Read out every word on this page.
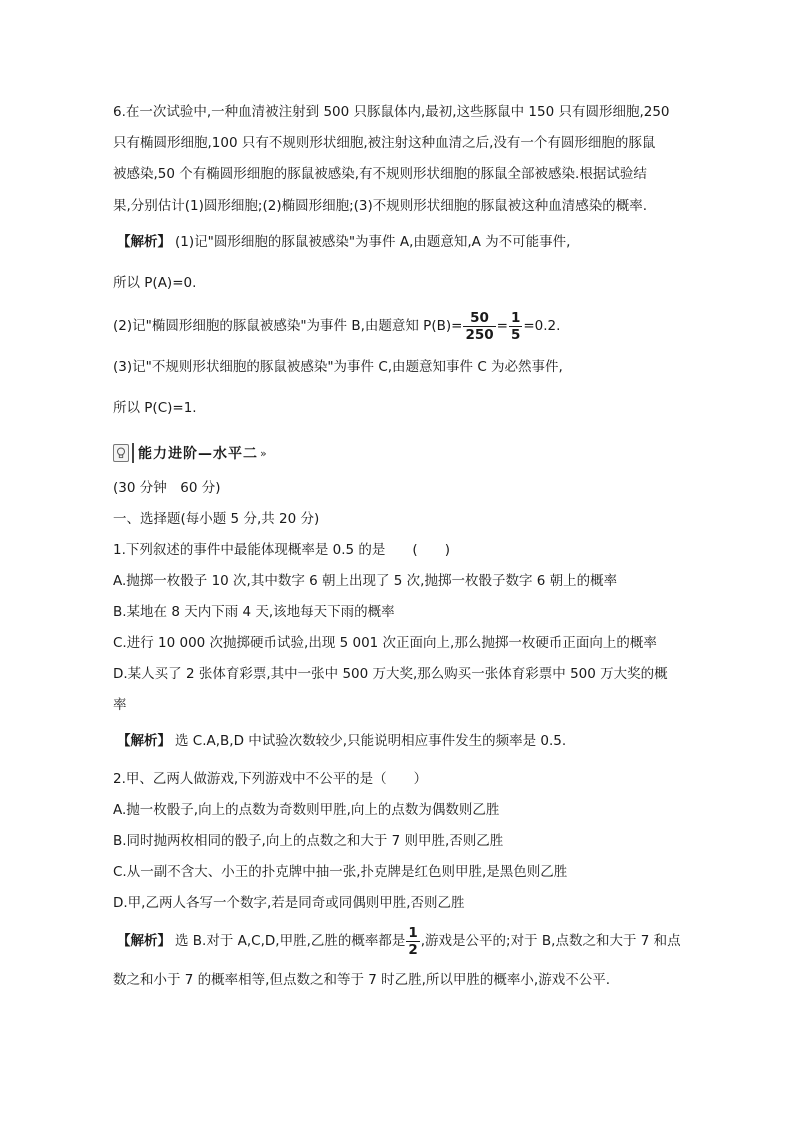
6.在一次试验中,一种血清被注射到 500 只豚鼠体内,最初,这些豚鼠中 150 只有圆形细胞,250
只有椭圆形细胞,100 只有不规则形状细胞,被注射这种血清之后,没有一个有圆形细胞的豚鼠
被感染,50 个有椭圆形细胞的豚鼠被感染,有不规则形状细胞的豚鼠全部被感染.根据试验结
果,分别估计(1)圆形细胞;(2)椭圆形细胞;(3)不规则形状细胞的豚鼠被这种血清感染的概率.
【解析】 (1)记"圆形细胞的豚鼠被感染"为事件 A,由题意知,A 为不可能事件,
所以 P(A)=0.
(2)记"椭圆形细胞的豚鼠被感染"为事件 B,由题意知 $P(B)= \frac{50}{250} = \frac{1}{5} =0.2$.
(3)记"不规则形状细胞的豚鼠被感染"为事件 C,由题意知事件 C 为必然事件,
所以 P(C)=1.
能力进阶—水平二 »
(30 分钟　60 分)
一、选择题(每小题 5 分,共 20 分)
1.下列叙述的事件中最能体现概率是 0.5 的是　　(　　)
A.抛掷一枚骰子 10 次,其中数字 6 朝上出现了 5 次,抛掷一枚骰子数字 6 朝上的概率
B.某地在 8 天内下雨 4 天,该地每天下雨的概率
C.进行 10 000 次抛掷硬币试验,出现 5 001 次正面向上,那么抛掷一枚硬币正面向上的概率
D.某人买了 2 张体育彩票,其中一张中 500 万大奖,那么购买一张体育彩票中 500 万大奖的概
率
【解析】 选 C.A,B,D 中试验次数较少,只能说明相应事件发生的频率是 0.5.
2.甲、乙两人做游戏,下列游戏中不公平的是（　　）
A.抛一枚骰子,向上的点数为奇数则甲胜,向上的点数为偶数则乙胜
B.同时抛两枚相同的骰子,向上的点数之和大于 7 则甲胜,否则乙胜
C.从一副不含大、小王的扑克牌中抽一张,扑克牌是红色则甲胜,是黑色则乙胜
D.甲,乙两人各写一个数字,若是同奇或同偶则甲胜,否则乙胜
【解析】 选 B.对于 A,C,D,甲胜,乙胜的概率都是 $\frac{1}{2}$ ,游戏是公平的;对于 B,点数之和大于 7 和点
数之和小于 7 的概率相等,但点数之和等于 7 时乙胜,所以甲胜的概率小,游戏不公平.
